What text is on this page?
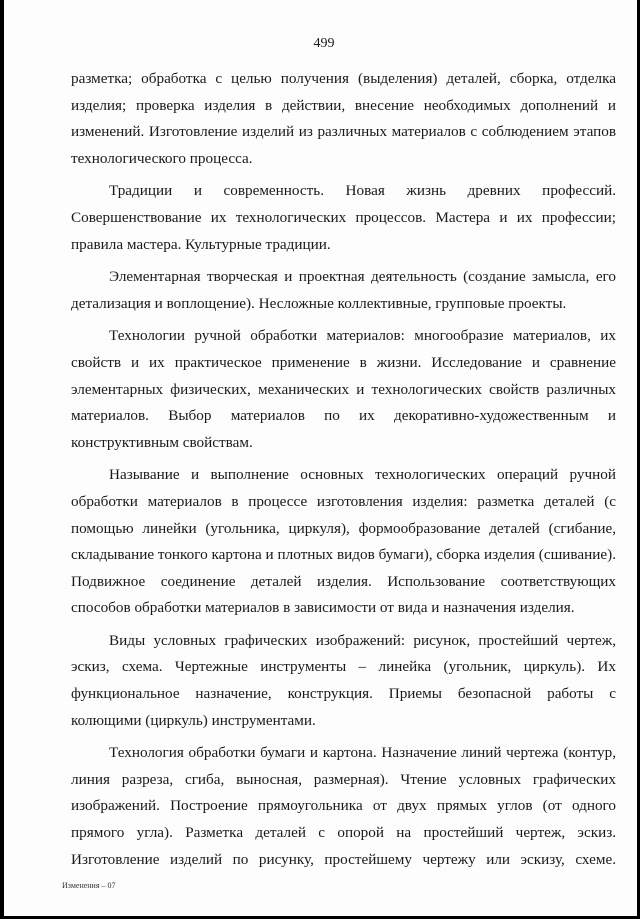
499

разметка; обработка с целью получения (выделения) деталей, сборка, отделка изделия; проверка изделия в действии, внесение необходимых дополнений и изменений. Изготовление изделий из различных материалов с соблюдением этапов технологического процесса.

Традиции и современность. Новая жизнь древних профессий. Совершенствование их технологических процессов. Мастера и их профессии; правила мастера. Культурные традиции.

Элементарная творческая и проектная деятельность (создание замысла, его детализация и воплощение). Несложные коллективные, групповые проекты.

Технологии ручной обработки материалов: многообразие материалов, их свойств и их практическое применение в жизни. Исследование и сравнение элементарных физических, механических и технологических свойств различных материалов. Выбор материалов по их декоративно-художественным и конструктивным свойствам.

Называние и выполнение основных технологических операций ручной обработки материалов в процессе изготовления изделия: разметка деталей (с помощью линейки (угольника, циркуля), формообразование деталей (сгибание, складывание тонкого картона и плотных видов бумаги), сборка изделия (сшивание). Подвижное соединение деталей изделия. Использование соответствующих способов обработки материалов в зависимости от вида и назначения изделия.

Виды условных графических изображений: рисунок, простейший чертеж, эскиз, схема. Чертежные инструменты – линейка (угольник, циркуль). Их функциональное назначение, конструкция. Приемы безопасной работы с колющими (циркуль) инструментами.

Технология обработки бумаги и картона. Назначение линий чертежа (контур, линия разреза, сгиба, выносная, размерная). Чтение условных графических изображений. Построение прямоугольника от двух прямых углов (от одного прямого угла). Разметка деталей с опорой на простейший чертеж, эскиз. Изготовление изделий по рисунку, простейшему чертежу или эскизу, схеме.

Изменения – 07
